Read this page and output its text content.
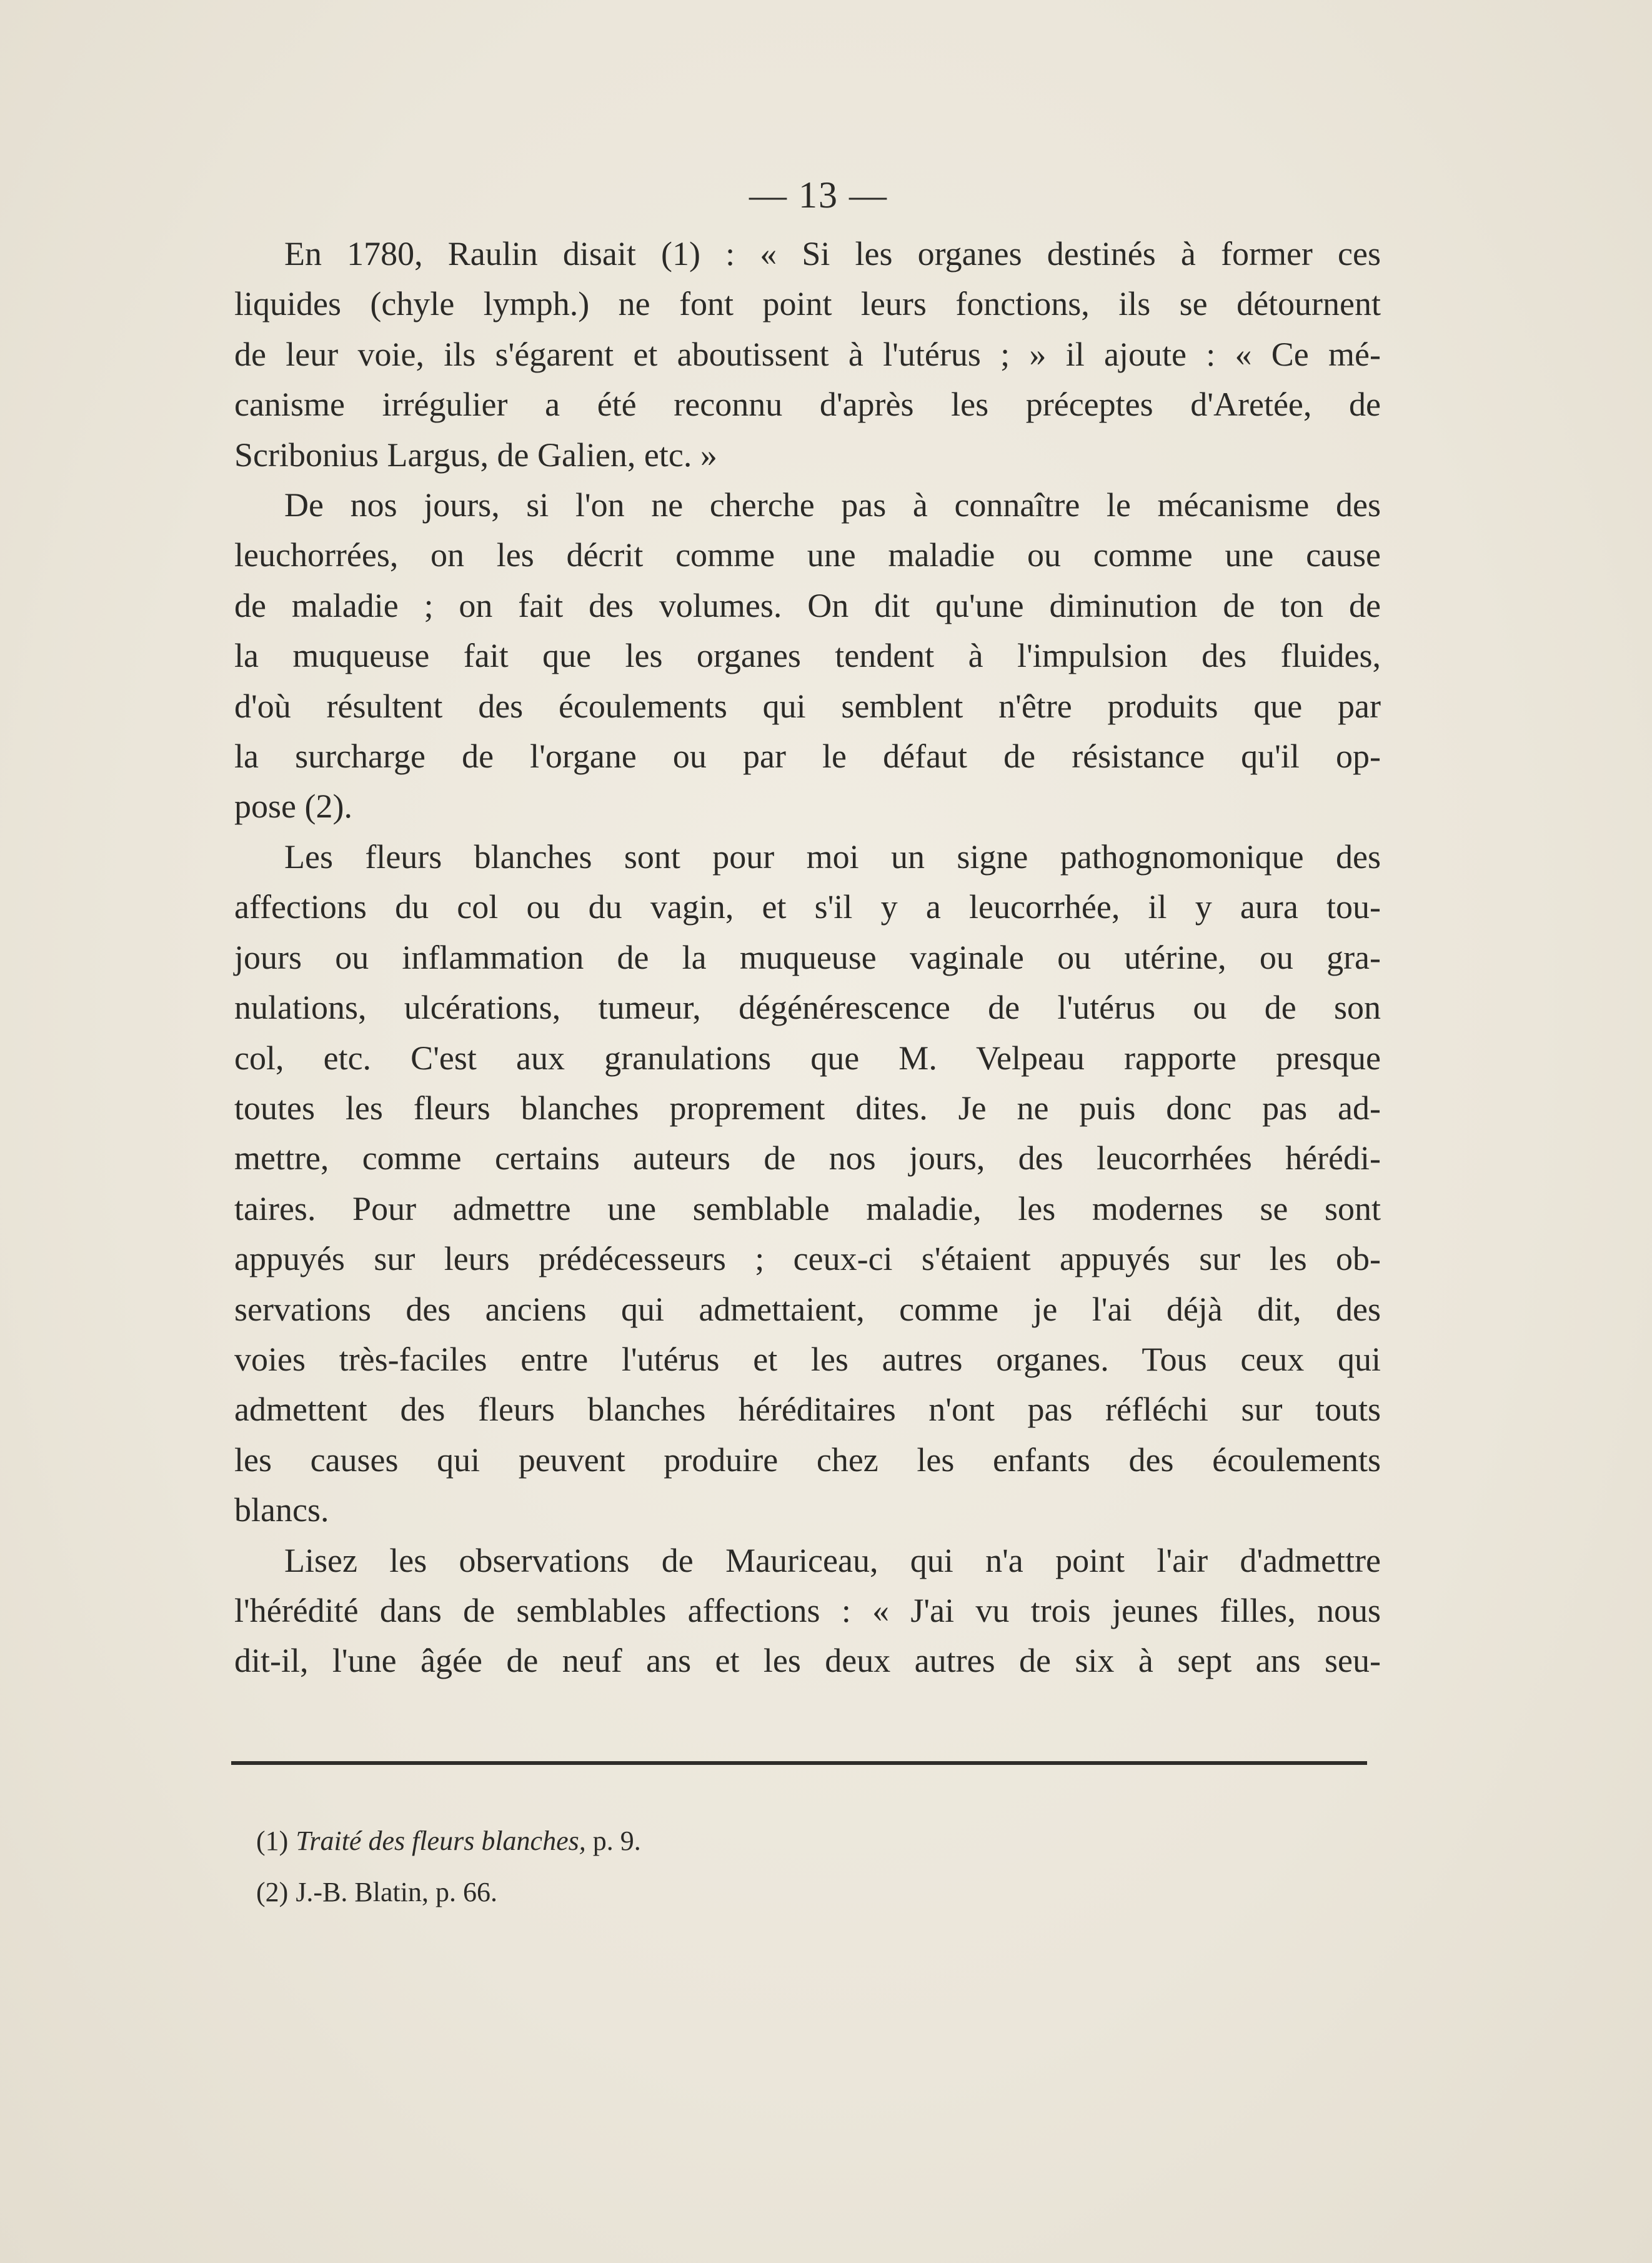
— 13 —

En 1780, Raulin disait (1) : « Si les organes destinés à former ces
liquides (chyle lymph.) ne font point leurs fonctions, ils se détournent
de leur voie, ils s'égarent et aboutissent à l'utérus ; » il ajoute : « Ce mé-
canisme irrégulier a été reconnu d'après les préceptes d'Aretée, de
Scribonius Largus, de Galien, etc. »

De nos jours, si l'on ne cherche pas à connaître le mécanisme des
leuchorrées, on les décrit comme une maladie ou comme une cause
de maladie ; on fait des volumes. On dit qu'une diminution de ton de
la muqueuse fait que les organes tendent à l'impulsion des fluides,
d'où résultent des écoulements qui semblent n'être produits que par
la surcharge de l'organe ou par le défaut de résistance qu'il op-
pose (2).

Les fleurs blanches sont pour moi un signe pathognomonique des
affections du col ou du vagin, et s'il y a leucorrhée, il y aura tou-
jours ou inflammation de la muqueuse vaginale ou utérine, ou gra-
nulations, ulcérations, tumeur, dégénérescence de l'utérus ou de son
col, etc. C'est aux granulations que M. Velpeau rapporte presque
toutes les fleurs blanches proprement dites. Je ne puis donc pas ad-
mettre, comme certains auteurs de nos jours, des leucorrhées hérédi-
taires. Pour admettre une semblable maladie, les modernes se sont
appuyés sur leurs prédécesseurs ; ceux-ci s'étaient appuyés sur les ob-
servations des anciens qui admettaient, comme je l'ai déjà dit, des
voies très-faciles entre l'utérus et les autres organes. Tous ceux qui
admettent des fleurs blanches héréditaires n'ont pas réfléchi sur touts
les causes qui peuvent produire chez les enfants des écoulements
blancs.

Lisez les observations de Mauriceau, qui n'a point l'air d'admettre
l'hérédité dans de semblables affections : « J'ai vu trois jeunes filles, nous
dit-il, l'une âgée de neuf ans et les deux autres de six à sept ans seu-

(1) Traité des fleurs blanches, p. 9.
(2) J.-B. Blatin, p. 66.
